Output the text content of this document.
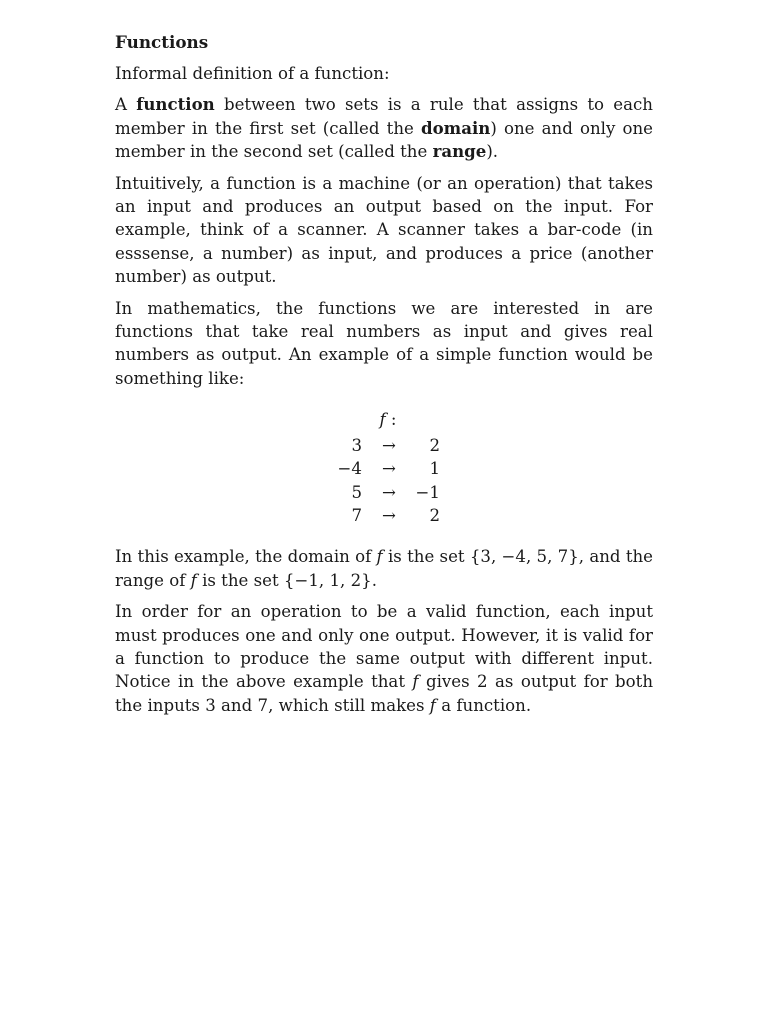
Functions

Informal definition of a function:

A function between two sets is a rule that assigns to each member in the first set (called the domain) one and only one member in the second set (called the range).

Intuitively, a function is a machine (or an operation) that takes an input and produces an output based on the input. For example, think of a scanner. A scanner takes a bar-code (in esssense, a number) as input, and produces a price (another number) as output.

In mathematics, the functions we are interested in are functions that take real numbers as input and gives real numbers as output. An example of a simple function would be something like:

f :
3	→	2
−4	→	1
5	→	−1
7	→	2

In this example, the domain of f is the set {3, −4, 5, 7}, and the range of f is the set {−1, 1, 2}.

In order for an operation to be a valid function, each input must produces one and only one output. However, it is valid for a function to produce the same output with different input. Notice in the above example that f gives 2 as output for both the inputs 3 and 7, which still makes f a function.
